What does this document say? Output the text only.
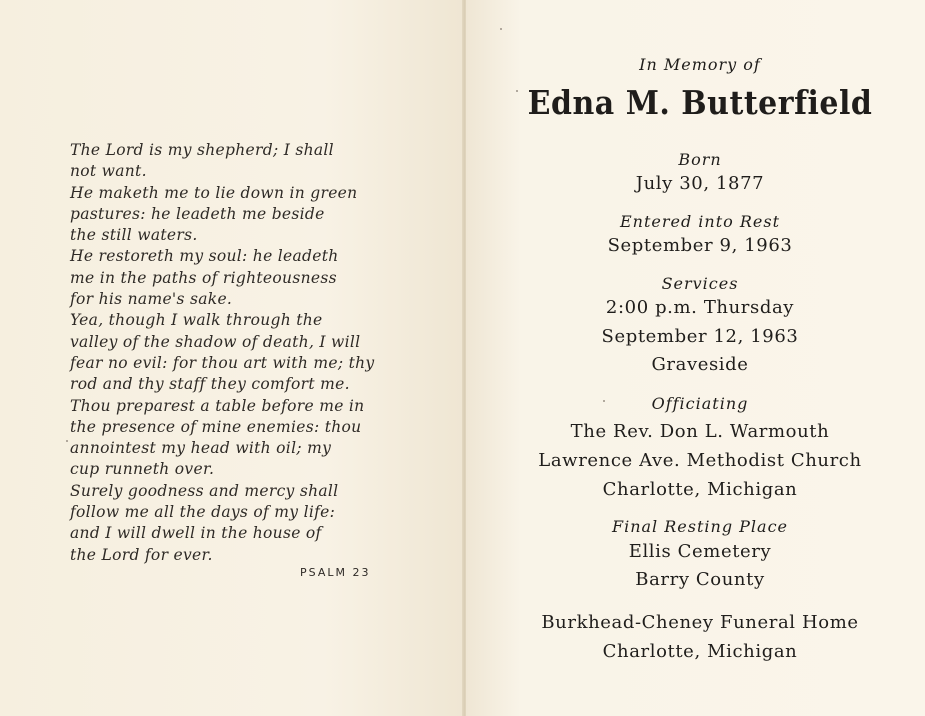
The Lord is my shepherd; I shall
not want.
He maketh me to lie down in green
pastures: he leadeth me beside
the still waters.
He restoreth my soul: he leadeth
me in the paths of righteousness
for his name's sake.
Yea, though I walk through the
valley of the shadow of death, I will
fear no evil: for thou art with me; thy
rod and thy staff they comfort me.
Thou preparest a table before me in
the presence of mine enemies: thou
annointest my head with oil; my
cup runneth over.
Surely goodness and mercy shall
follow me all the days of my life:
and I will dwell in the house of
the Lord for ever.
PSALM 23
In Memory of
Edna M. Butterfield
Born
July 30, 1877
Entered into Rest
September 9, 1963
Services
2:00 p.m. Thursday
September 12, 1963
Graveside
Officiating
The Rev. Don L. Warmouth
Lawrence Ave. Methodist Church
Charlotte, Michigan
Final Resting Place
Ellis Cemetery
Barry County
Burkhead-Cheney Funeral Home
Charlotte, Michigan
